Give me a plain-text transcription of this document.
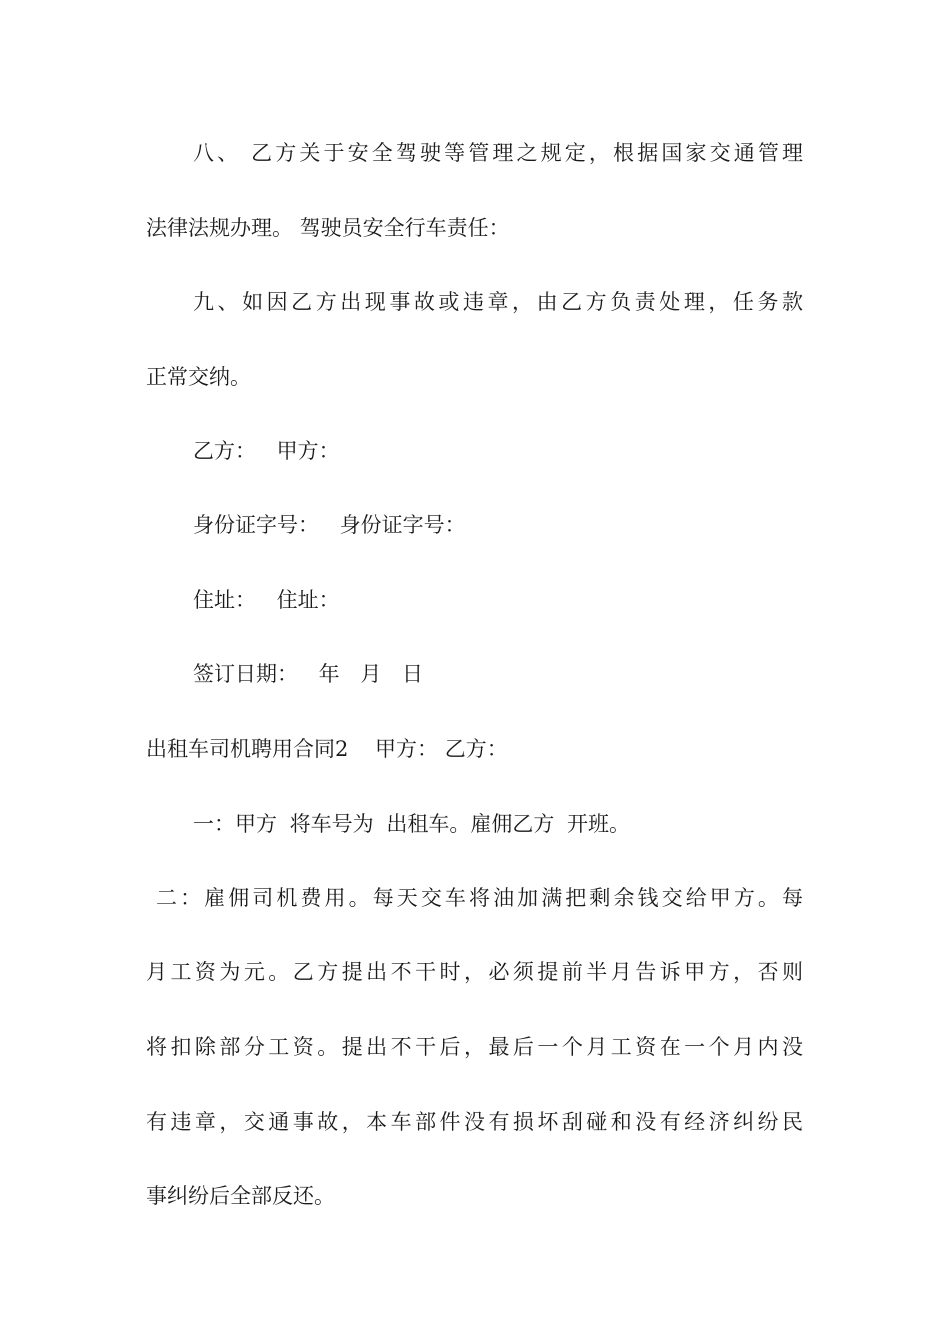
八、 乙方关于安全驾驶等管理之规定，根据国家交通管理
法律法规办理。 驾驶员安全行车责任：
九、如因乙方出现事故或违章，由乙方负责处理，任务款
正常交纳。
乙方： 甲方：
身份证字号： 身份证字号：
住址： 住址：
签订日期： 年 月 日
出租车司机聘用合同2    甲方： 乙方：
一：甲方 将车号为 出租车。雇佣乙方 开班。
二：雇佣司机费用。每天交车将油加满把剩余钱交给甲方。每
月工资为元。乙方提出不干时，必须提前半月告诉甲方，否则
将扣除部分工资。提出不干后，最后一个月工资在一个月内没
有违章，交通事故，本车部件没有损坏刮碰和没有经济纠纷民
事纠纷后全部反还。
